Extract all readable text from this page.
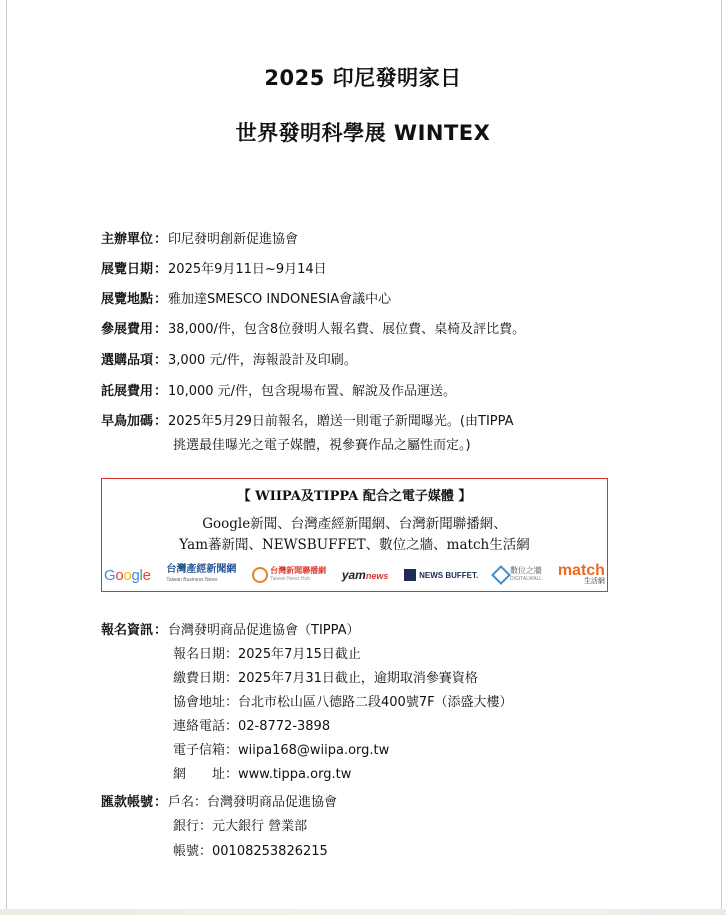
2025 印尼發明家日
世界發明科學展 WINTEX
主辦單位：印尼發明創新促進協會
展覽日期：2025年9月11日~9月14日
展覽地點：雅加達SMESCO INDONESIA會議中心
參展費用：38,000/件，包含8位發明人報名費、展位費、桌椅及評比費。
選購品項：3,000 元/件，海報設計及印刷。
託展費用：10,000 元/件，包含現場布置、解說及作品運送。
早鳥加碼：2025年5月29日前報名，贈送一則電子新聞曝光。(由TIPPA
挑選最佳曝光之電子媒體，視參賽作品之屬性而定。)
【 WIIPA及TIPPA 配合之電子媒體 】
Google新聞、台灣產經新聞網、台灣新聞聯播網、
Yam蕃新聞、NEWSBUFFET、數位之牆、match生活網
Google 台灣產經新聞網
Taiwan Business News
台灣新聞聯播網
Taiwan News Hub	yamnews	NEWS BUFFET.	數位之牆
DIGITALWALL match
生活網
報名資訊：台灣發明商品促進協會（TIPPA）
報名日期：2025年7月15日截止
繳費日期：2025年7月31日截止，逾期取消參賽資格
協會地址：台北市松山區八德路二段400號7F（添盛大樓）
連絡電話：02-8772-3898
電子信箱：wiipa168@wiipa.org.tw
網　　址：www.tippa.org.tw
匯款帳號：戶名：台灣發明商品促進協會
銀行：元大銀行 營業部
帳號：00108253826215
